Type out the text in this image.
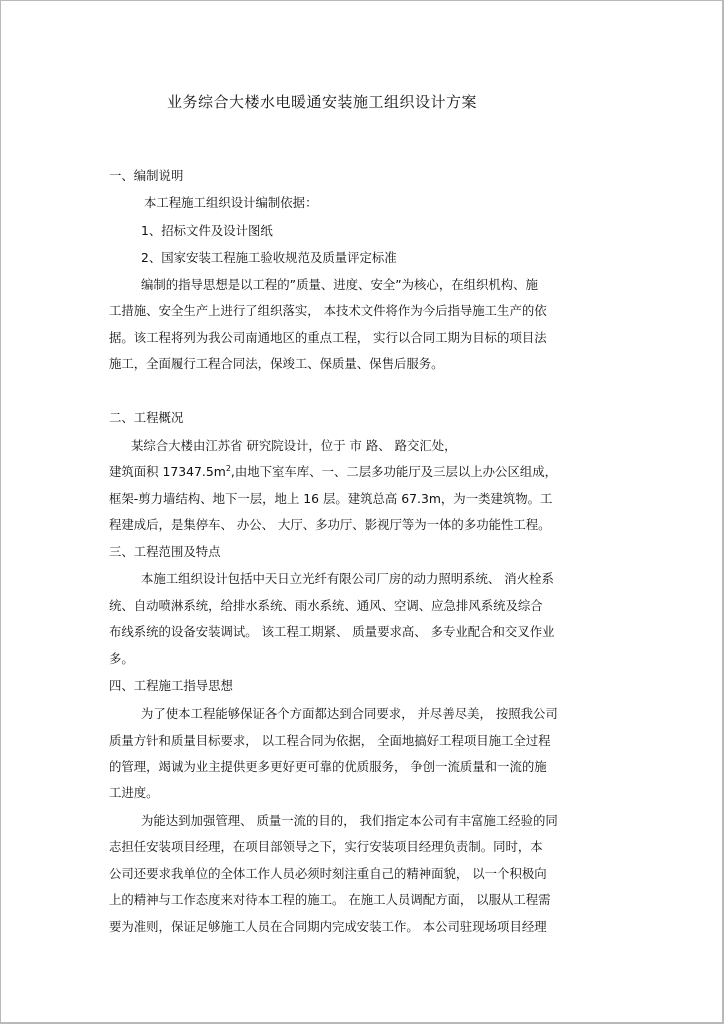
业务综合大楼水电暖通安装施工组织设计方案
一、编制说明
本工程施工组织设计编制依据：
1、招标文件及设计图纸
2、国家安装工程施工验收规范及质量评定标准
编制的指导思想是以工程的”质量、进度、安全”为核心，在组织机构、施
工措施、安全生产上进行了组织落实， 本技术文件将作为今后指导施工生产的依
据。该工程将列为我公司南通地区的重点工程， 实行以合同工期为目标的项目法
施工，全面履行工程合同法，保竣工、保质量、保售后服务。
二、工程概况
某综合大楼由江苏省 研究院设计，位于 市 路、 路交汇处，
建筑面积 $17347.5m^2$,由地下室车库、一、二层多功能厅及三层以上办公区组成，
框架-剪力墙结构、地下一层，地上 16 层。建筑总高 67.3m，为一类建筑物。工
程建成后，是集停车、 办公、 大厅、多功厅、影视厅等为一体的多功能性工程。
三、工程范围及特点
本施工组织设计包括中天日立光纤有限公司厂房的动力照明系统、 消火栓系
统、自动喷淋系统，给排水系统、雨水系统、通风、空调、应急排风系统及综合
布线系统的设备安装调试。 该工程工期紧、 质量要求高、 多专业配合和交叉作业
多。
四、工程施工指导思想
为了使本工程能够保证各个方面都达到合同要求， 并尽善尽美， 按照我公司
质量方针和质量目标要求， 以工程合同为依据， 全面地搞好工程项目施工全过程
的管理，竭诚为业主提供更多更好更可靠的优质服务， 争创一流质量和一流的施
工进度。
为能达到加强管理、 质量一流的目的， 我们指定本公司有丰富施工经验的同
志担任安装项目经理，在项目部领导之下，实行安装项目经理负责制。同时，本
公司还要求我单位的全体工作人员必须时刻注重自己的精神面貌， 以一个积极向
上的精神与工作态度来对待本工程的施工。 在施工人员调配方面， 以服从工程需
要为准则，保证足够施工人员在合同期内完成安装工作。 本公司驻现场项目经理
